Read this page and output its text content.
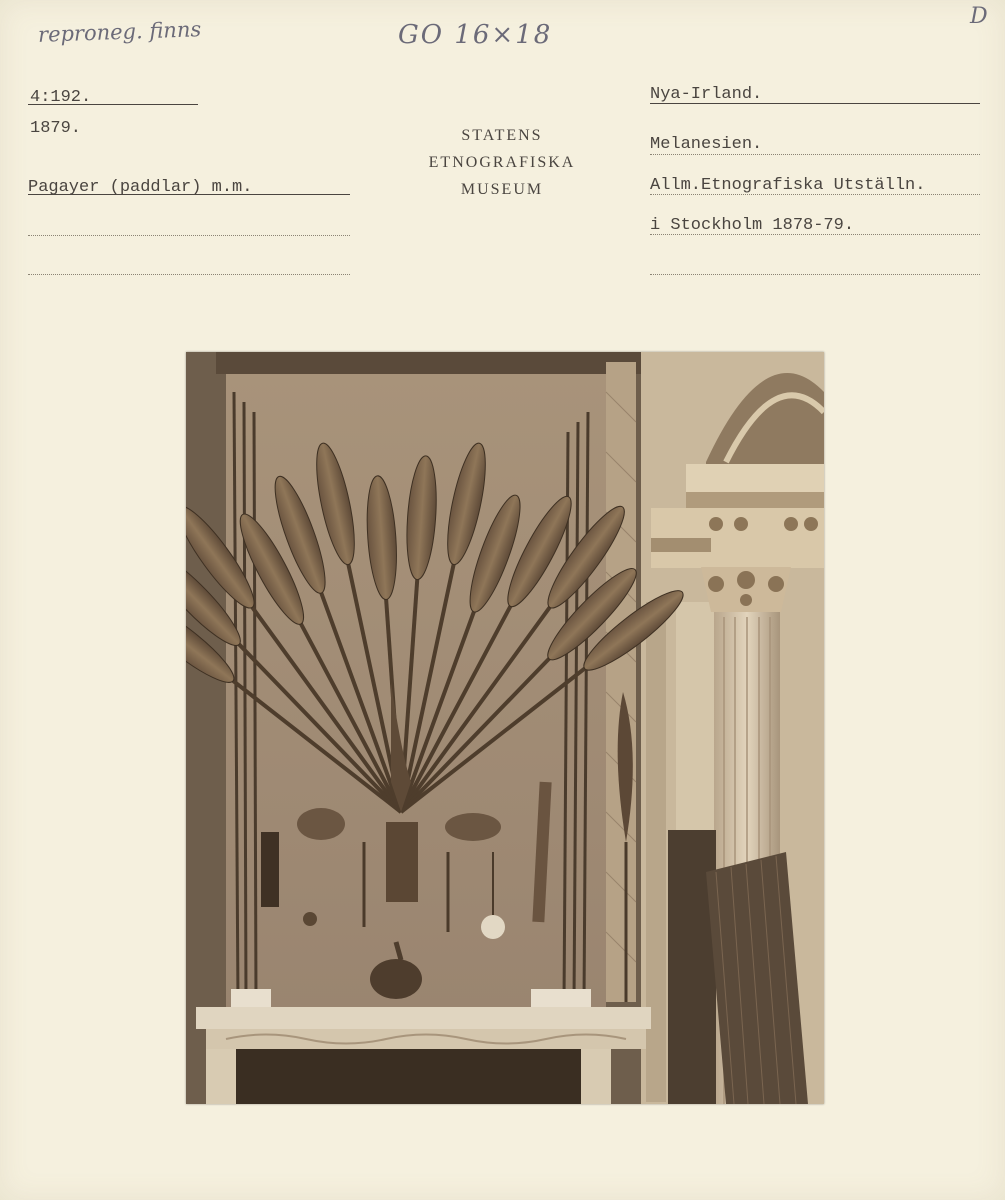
reproneg. finns	GO 16×18
D
4:192.
1879.
Pagayer (paddlar) m.m.
STATENS
ETNOGRAFISKA
MUSEUM
Nya-Irland.
Melanesien.
Allm.Etnografiska Utställn.
i Stockholm 1878-79.
